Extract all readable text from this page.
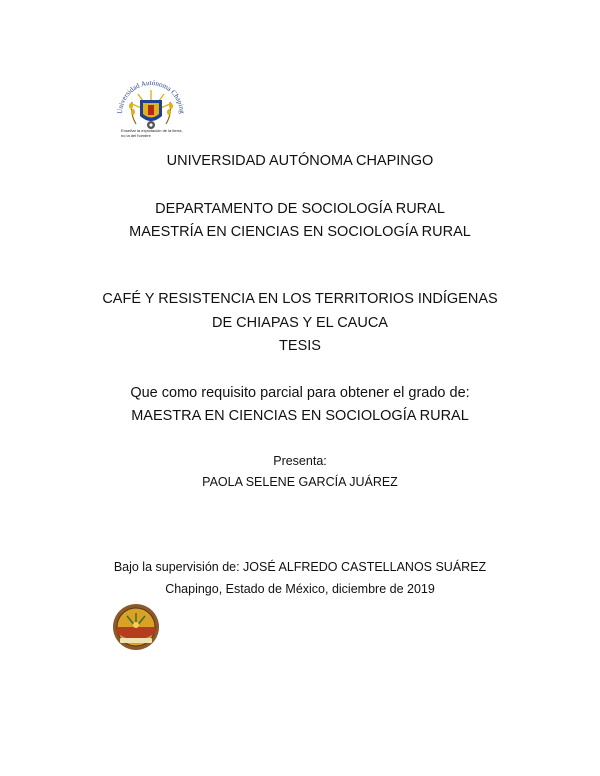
Universidad Autónoma Chaping
Enseñar la explotación de la tierra, no la del hombre
UNIVERSIDAD AUTÓNOMA CHAPINGO
DEPARTAMENTO DE SOCIOLOGÍA RURAL
MAESTRÍA EN CIENCIAS EN SOCIOLOGÍA RURAL
CAFÉ Y RESISTENCIA EN LOS TERRITORIOS INDÍGENAS
DE CHIAPAS Y EL CAUCA
TESIS
Que como requisito parcial para obtener el grado de:
MAESTRA EN CIENCIAS EN SOCIOLOGÍA RURAL
Presenta:
PAOLA SELENE GARCÍA JUÁREZ
Bajo la supervisión de: JOSÉ ALFREDO CASTELLANOS SUÁREZ
Chapingo, Estado de México, diciembre de 2019
